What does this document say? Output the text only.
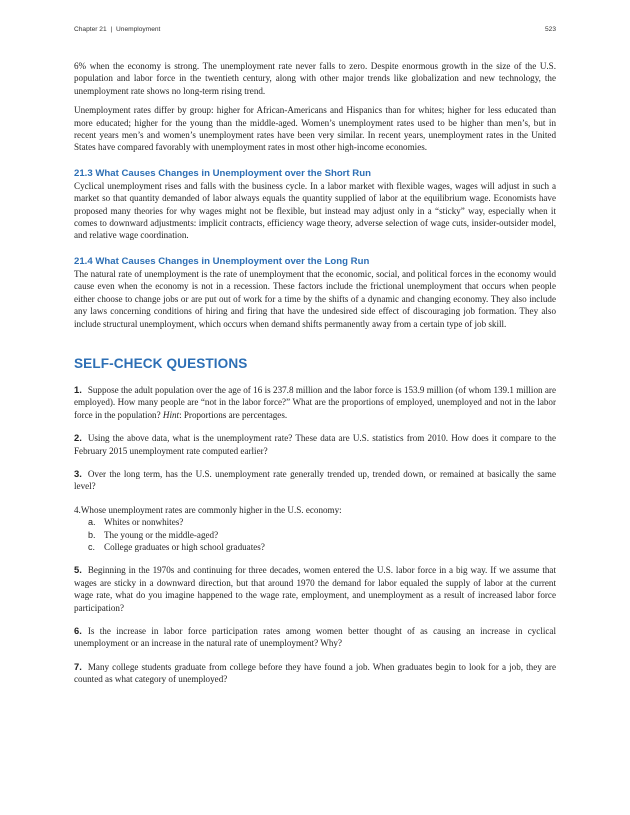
Chapter 21 | Unemployment	523

6% when the economy is strong. The unemployment rate never falls to zero. Despite enormous growth in the size of the U.S. population and labor force in the twentieth century, along with other major trends like globalization and new technology, the unemployment rate shows no long-term rising trend.

Unemployment rates differ by group: higher for African-Americans and Hispanics than for whites; higher for less educated than more educated; higher for the young than the middle-aged. Women’s unemployment rates used to be higher than men’s, but in recent years men’s and women’s unemployment rates have been very similar. In recent years, unemployment rates in the United States have compared favorably with unemployment rates in most other high-income economies.

21.3 What Causes Changes in Unemployment over the Short Run

Cyclical unemployment rises and falls with the business cycle. In a labor market with flexible wages, wages will adjust in such a market so that quantity demanded of labor always equals the quantity supplied of labor at the equilibrium wage. Economists have proposed many theories for why wages might not be flexible, but instead may adjust only in a “sticky” way, especially when it comes to downward adjustments: implicit contracts, efficiency wage theory, adverse selection of wage cuts, insider-outsider model, and relative wage coordination.

21.4 What Causes Changes in Unemployment over the Long Run

The natural rate of unemployment is the rate of unemployment that the economic, social, and political forces in the economy would cause even when the economy is not in a recession. These factors include the frictional unemployment that occurs when people either choose to change jobs or are put out of work for a time by the shifts of a dynamic and changing economy. They also include any laws concerning conditions of hiring and firing that have the undesired side effect of discouraging job formation. They also include structural unemployment, which occurs when demand shifts permanently away from a certain type of job skill.

SELF-CHECK QUESTIONS

1. Suppose the adult population over the age of 16 is 237.8 million and the labor force is 153.9 million (of whom 139.1 million are employed). How many people are “not in the labor force?” What are the proportions of employed, unemployed and not in the labor force in the population? Hint: Proportions are percentages.

2. Using the above data, what is the unemployment rate? These data are U.S. statistics from 2010. How does it compare to the February 2015 unemployment rate computed earlier?

3. Over the long term, has the U.S. unemployment rate generally trended up, trended down, or remained at basically the same level?

4.Whose unemployment rates are commonly higher in the U.S. economy:

a. Whites or nonwhites?
b. The young or the middle-aged?
c. College graduates or high school graduates?

5. Beginning in the 1970s and continuing for three decades, women entered the U.S. labor force in a big way. If we assume that wages are sticky in a downward direction, but that around 1970 the demand for labor equaled the supply of labor at the current wage rate, what do you imagine happened to the wage rate, employment, and unemployment as a result of increased labor force participation?

6. Is the increase in labor force participation rates among women better thought of as causing an increase in cyclical unemployment or an increase in the natural rate of unemployment? Why?

7. Many college students graduate from college before they have found a job. When graduates begin to look for a job, they are counted as what category of unemployed?
